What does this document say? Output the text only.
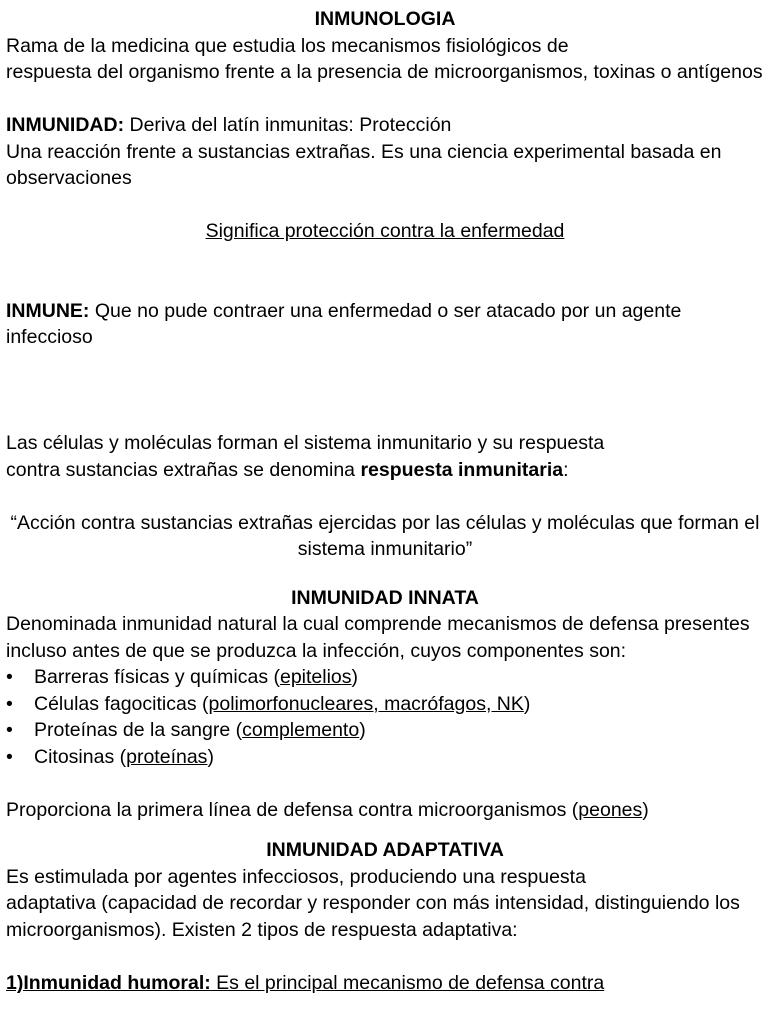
INMUNOLOGIA
Rama de la medicina que estudia los mecanismos fisiológicos de
respuesta del organismo frente a la presencia de microorganismos, toxinas o antígenos
INMUNIDAD: Deriva del latín inmunitas: Protección
Una reacción frente a sustancias extrañas. Es una ciencia experimental basada en observaciones
Significa protección contra la enfermedad
INMUNE: Que no pude contraer una enfermedad o ser atacado por un agente infeccioso
Las células y moléculas forman el sistema inmunitario y su respuesta
contra sustancias extrañas se denomina respuesta inmunitaria:
“Acción contra sustancias extrañas ejercidas por las células y moléculas que forman el sistema inmunitario”
INMUNIDAD INNATA
Denominada inmunidad natural la cual comprende mecanismos de defensa presentes incluso antes de que se produzca la infección, cuyos componentes son:
• Barreras físicas y químicas (epitelios)
• Células fagociticas (polimorfonucleares, macrófagos, NK)
• Proteínas de la sangre (complemento)
• Citosinas (proteínas)
Proporciona la primera línea de defensa contra microorganismos (peones)
INMUNIDAD ADAPTATIVA
Es estimulada por agentes infecciosos, produciendo una respuesta
adaptativa (capacidad de recordar y responder con más intensidad, distinguiendo los microorganismos). Existen 2 tipos de respuesta adaptativa:
1)Inmunidad humoral: Es el principal mecanismo de defensa contra
